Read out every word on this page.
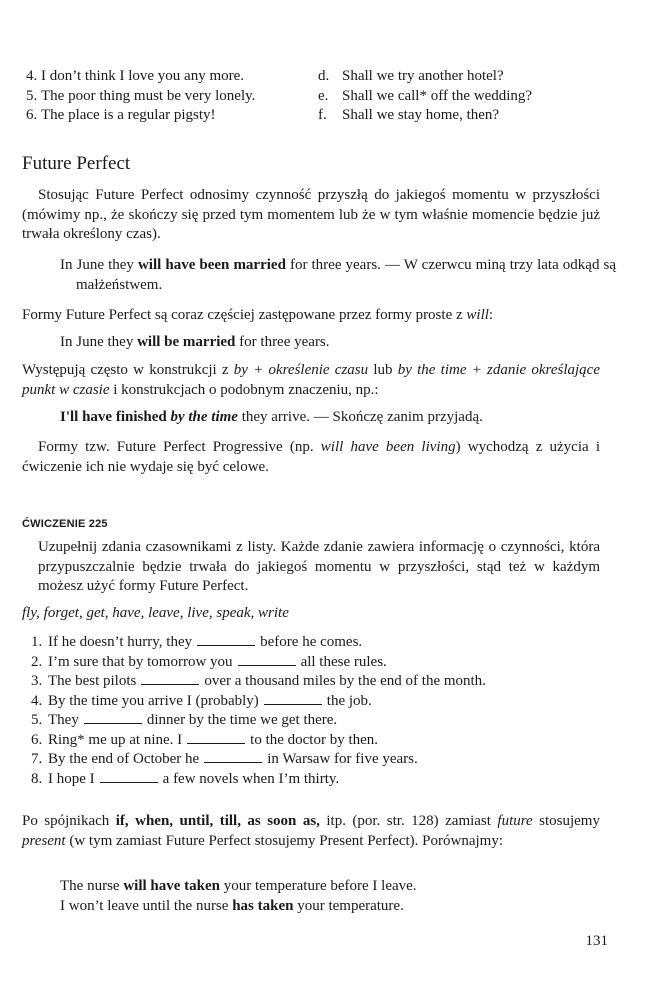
4. I don’t think I love you any more.	d. Shall we try another hotel?
5. The poor thing must be very lonely.	e. Shall we call* off the wedding?
6. The place is a regular pigsty!	f.	Shall we stay home, then?
Future Perfect

Stosując Future Perfect odnosimy czynność przyszłą do jakiegoś momentu w przyszłości (mówimy np., że skończy się przed tym momentem lub że w tym właśnie momencie będzie już trwała określony czas).

In June they will have been married for three years. — W czerwcu miną trzy lata odkąd są małżeństwem.

Formy Future Perfect są coraz częściej zastępowane przez formy proste z will:

In June they will be married for three years.

Występują często w konstrukcji z by + określenie czasu lub by the time + zdanie określające punkt w czasie i konstrukcjach o podobnym znaczeniu, np.:

I'll have finished by the time they arrive. — Skończę zanim przyjadą.

Formy tzw. Future Perfect Progressive (np. will have been living) wychodzą z użycia i ćwiczenie ich nie wydaje się być celowe.

ĆWICZENIE 225

Uzupełnij zdania czasownikami z listy. Każde zdanie zawiera informację o czynności, która przypuszczalnie będzie trwała do jakiegoś momentu w przyszłości, stąd też w każdym możesz użyć formy Future Perfect.

fly, forget, get, have, leave, live, speak, write

1. If he doesn’t hurry, they	before he comes.
2. I’m sure that by tomorrow you	all these rules.
3. The best pilots	over a thousand miles by the end of the month.
4. By the time you arrive I (probably)	the job.
5. They	dinner by the time we get there.
6. Ring* me up at nine. I	to the doctor by then.
7. By the end of October he	in Warsaw for five years.
8. I hope I	a few novels when I’m thirty.

Po spójnikach if, when, until, till, as soon as, itp. (por. str. 128) zamiast future stosujemy present (w tym zamiast Future Perfect stosujemy Present Perfect). Porównajmy:

The nurse will have taken your temperature before I leave.

I won’t leave until the nurse has taken your temperature.

131
